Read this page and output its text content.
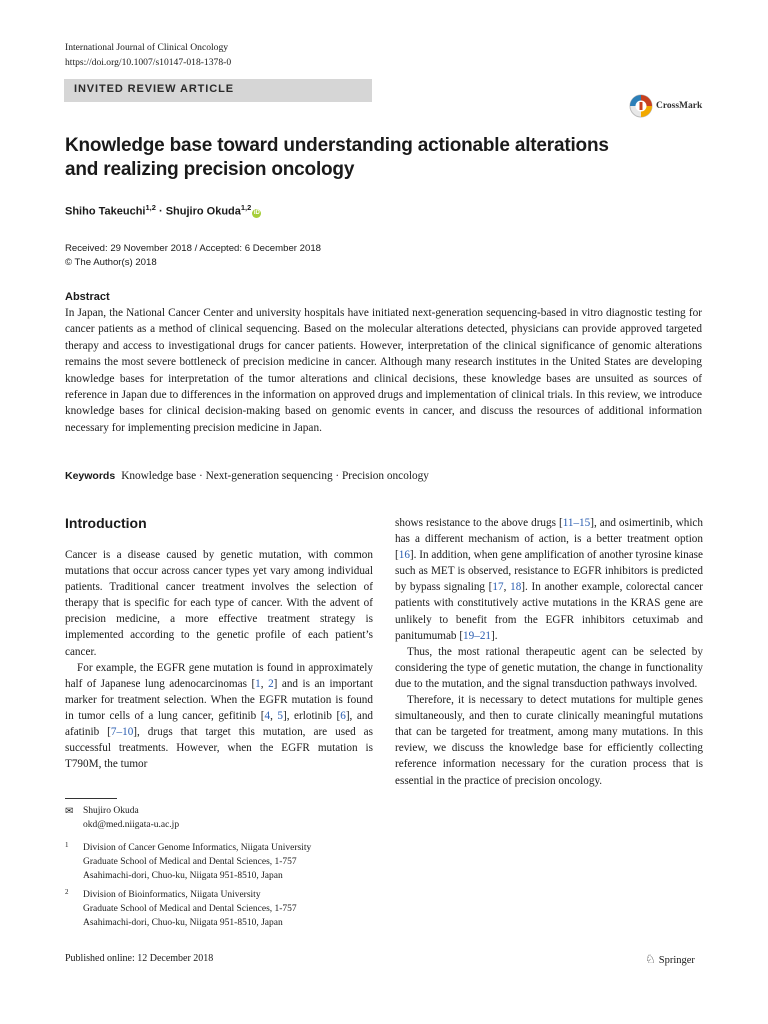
International Journal of Clinical Oncology
https://doi.org/10.1007/s10147-018-1378-0
INVITED REVIEW ARTICLE
CrossMark
Knowledge base toward understanding actionable alterations
and realizing precision oncology
Shiho Takeuchi$^{1,2}$ · Shujiro Okuda$^{1,2}$iD
Received: 29 November 2018 / Accepted: 6 December 2018
© The Author(s) 2018
Abstract
In Japan, the National Cancer Center and university hospitals have initiated next-generation sequencing-based in vitro diagnostic testing for cancer patients as a method of clinical sequencing. Based on the molecular alterations detected, physicians can provide approved targeted therapy and access to investigational drugs for cancer patients. However, interpretation of the clinical significance of genomic alterations remains the most severe bottleneck of precision medicine in cancer. Although many research institutes in the United States are developing knowledge bases for interpretation of the tumor alterations and clinical decisions, these knowledge bases are unsuited as sources of reference in Japan due to differences in the information on approved drugs and implementation of clinical trials. In this review, we introduce knowledge bases for clinical decision-making based on genomic events in cancer, and discuss the resources of additional information necessary for implementing precision medicine in Japan.
Keywords Knowledge base · Next-generation sequencing · Precision oncology
Introduction

Cancer is a disease caused by genetic mutation, with common mutations that occur across cancer types yet vary among individual patients. Traditional cancer treatment involves the selection of therapy that is specific for each type of cancer. With the advent of precision medicine, a more effective treatment strategy is implemented according to the genetic profile of each patient’s cancer.

For example, the EGFR gene mutation is found in approximately half of Japanese lung adenocarcinomas [1, 2] and is an important marker for treatment selection. When the EGFR mutation is found in tumor cells of a lung cancer, gefitinib [4, 5], erlotinib [6], and afatinib [7–10], drugs that target this mutation, are used as successful treatments. However, when the EGFR mutation is T790M, the tumor

shows resistance to the above drugs [11–15], and osimertinib, which has a different mechanism of action, is a better treatment option [16]. In addition, when gene amplification of another tyrosine kinase such as MET is observed, resistance to EGFR inhibitors is predicted by bypass signaling [17, 18]. In another example, colorectal cancer patients with constitutively active mutations in the KRAS gene are unlikely to benefit from the EGFR inhibitors cetuximab and panitumumab [19–21].

Thus, the most rational therapeutic agent can be selected by considering the type of genetic mutation, the change in functionality due to the mutation, and the signal transduction pathways involved.

Therefore, it is necessary to detect mutations for multiple genes simultaneously, and then to curate clinically meaningful mutations that can be targeted for treatment, among many mutations. In this review, we discuss the knowledge base for efficiently collecting reference information necessary for the curation process that is essential in the practice of precision oncology.

✉ Shujiro Okuda
okd@med.niigata-u.ac.jp
1 Division of Cancer Genome Informatics, Niigata University
Graduate School of Medical and Dental Sciences, 1-757
Asahimachi-dori, Chuo-ku, Niigata 951-8510, Japan
2 Division of Bioinformatics, Niigata University
Graduate School of Medical and Dental Sciences, 1-757
Asahimachi-dori, Chuo-ku, Niigata 951-8510, Japan
Published online: 12 December 2018	♘ Springer
